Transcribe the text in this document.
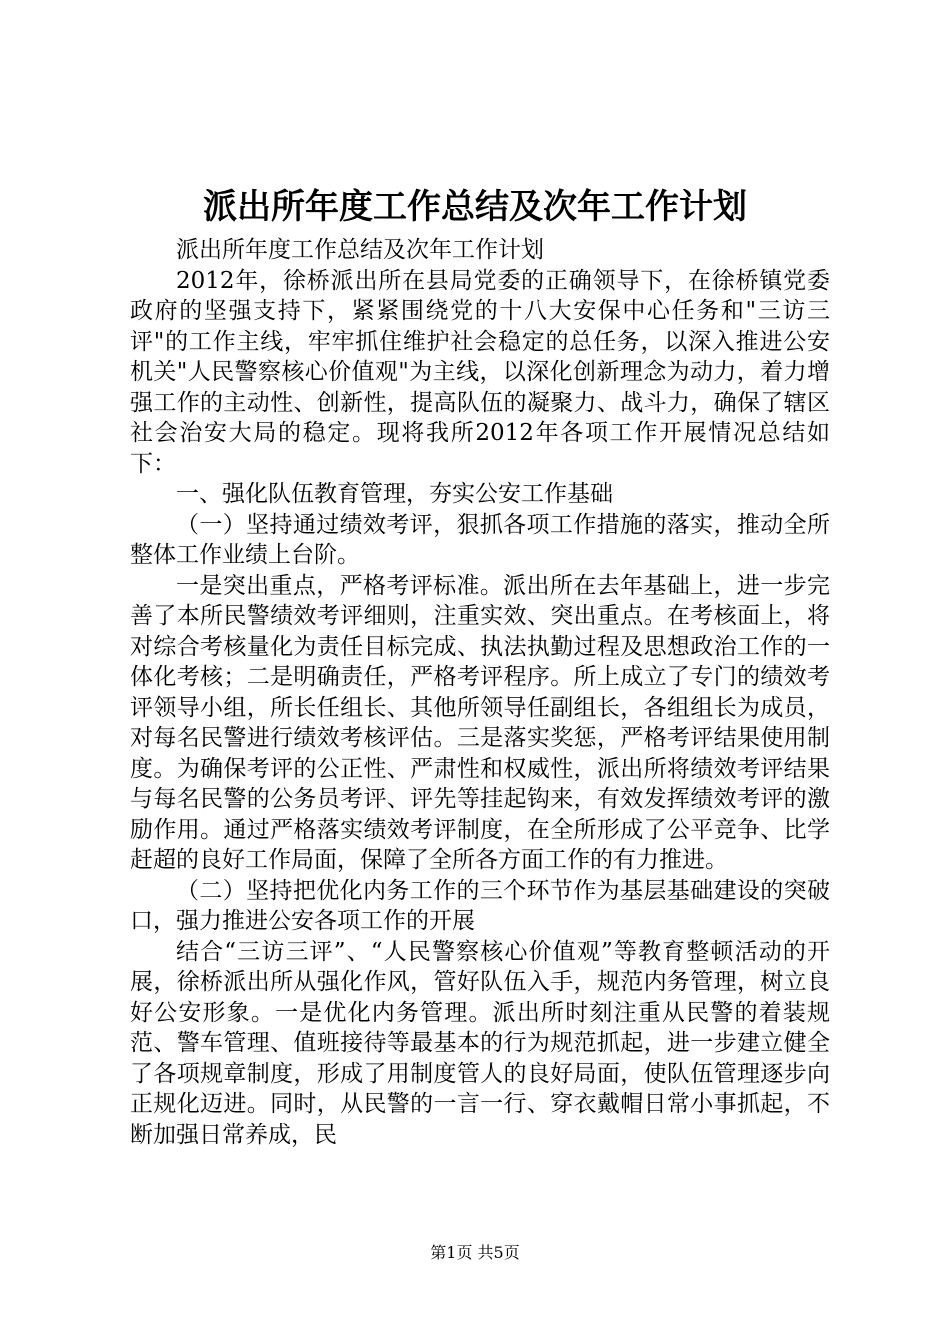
派出所年度工作总结及次年工作计划

派出所年度工作总结及次年工作计划

2012年，徐桥派出所在县局党委的正确领导下，在徐桥镇党委政府的坚强支持下，紧紧围绕党的十八大安保中心任务和"三访三评"的工作主线，牢牢抓住维护社会稳定的总任务，以深入推进公安机关"人民警察核心价值观"为主线，以深化创新理念为动力，着力增强工作的主动性、创新性，提高队伍的凝聚力、战斗力，确保了辖区社会治安大局的稳定。现将我所2012年各项工作开展情况总结如下：

一、强化队伍教育管理，夯实公安工作基础

（一）坚持通过绩效考评，狠抓各项工作措施的落实，推动全所整体工作业绩上台阶。

一是突出重点，严格考评标准。派出所在去年基础上，进一步完善了本所民警绩效考评细则，注重实效、突出重点。在考核面上，将对综合考核量化为责任目标完成、执法执勤过程及思想政治工作的一体化考核；二是明确责任，严格考评程序。所上成立了专门的绩效考评领导小组，所长任组长、其他所领导任副组长，各组组长为成员，对每名民警进行绩效考核评估。三是落实奖惩，严格考评结果使用制度。为确保考评的公正性、严肃性和权威性，派出所将绩效考评结果与每名民警的公务员考评、评先等挂起钩来，有效发挥绩效考评的激励作用。通过严格落实绩效考评制度，在全所形成了公平竞争、比学赶超的良好工作局面，保障了全所各方面工作的有力推进。

（二）坚持把优化内务工作的三个环节作为基层基础建设的突破口，强力推进公安各项工作的开展

结合“三访三评”、“人民警察核心价值观”等教育整顿活动的开展，徐桥派出所从强化作风，管好队伍入手，规范内务管理，树立良好公安形象。一是优化内务管理。派出所时刻注重从民警的着装规范、警车管理、值班接待等最基本的行为规范抓起，进一步建立健全了各项规章制度，形成了用制度管人的良好局面，使队伍管理逐步向正规化迈进。同时，从民警的一言一行、穿衣戴帽日常小事抓起，不断加强日常养成，民

第1页 共5页
